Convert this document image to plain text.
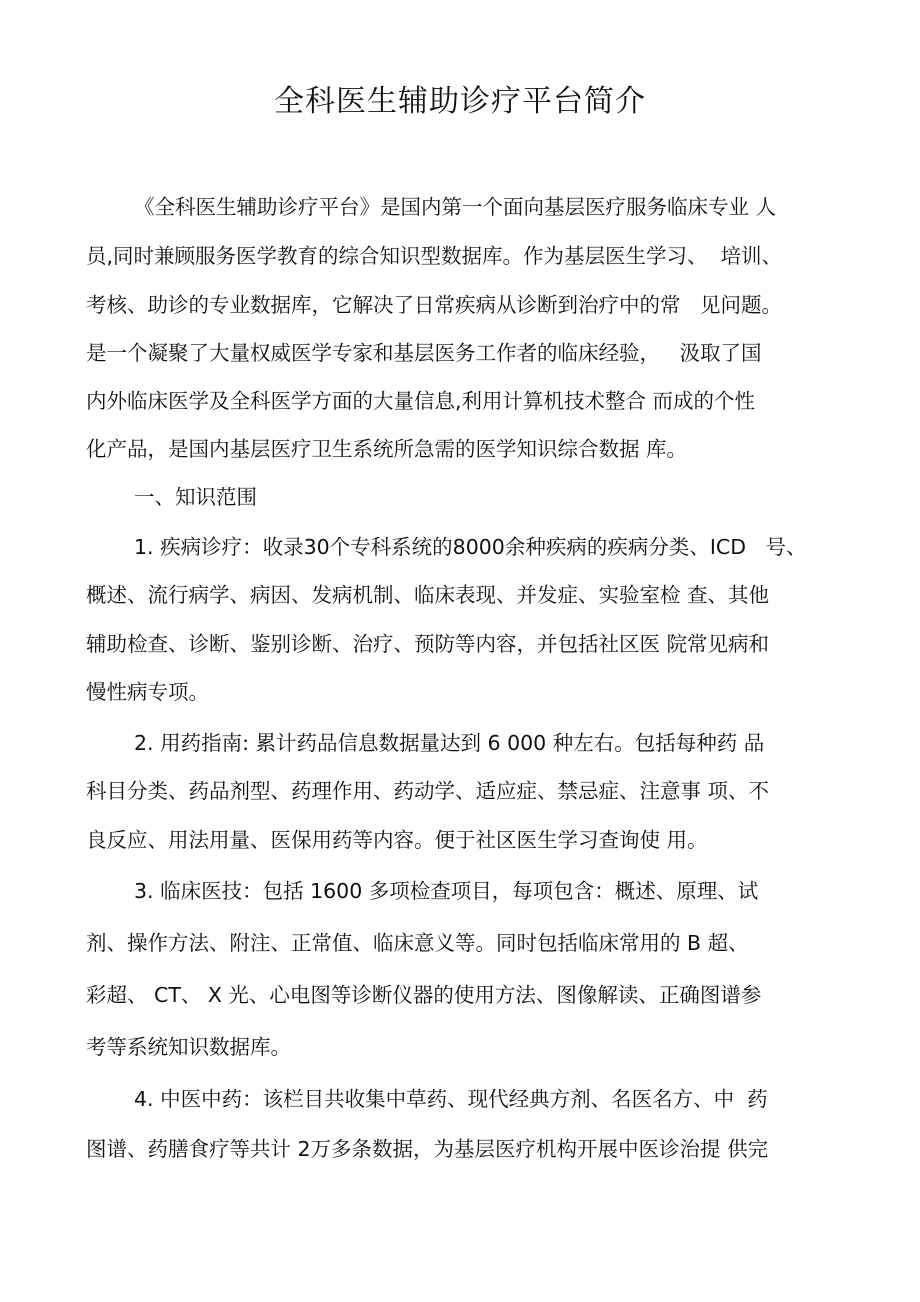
全科医生辅助诊疗平台简介
《全科医生辅助诊疗平台》是国内第一个面向基层医疗服务临床专业 人
员,同时兼顾服务医学教育的综合知识型数据库。作为基层医生学习、  培训、
考核、助诊的专业数据库，它解决了日常疾病从诊断到治疗中的常   见问题。
是一个凝聚了大量权威医学专家和基层医务工作者的临床经验，   汲取了国
内外临床医学及全科医学方面的大量信息,利用计算机技术整合 而成的个性
化产品，是国内基层医疗卫生系统所急需的医学知识综合数据 库。
一、知识范围
1. 疾病诊疗：收录30个专科系统的8000余种疾病的疾病分类、ICD   号、
概述、流行病学、病因、发病机制、临床表现、并发症、实验室检 查、其他
辅助检查、诊断、鉴别诊断、治疗、预防等内容，并包括社区医 院常见病和
慢性病专项。
2. 用药指南: 累计药品信息数据量达到 6 000 种左右。包括每种药 品
科目分类、药品剂型、药理作用、药动学、适应症、禁忌症、注意事 项、不
良反应、用法用量、医保用药等内容。便于社区医生学习查询使 用。
3. 临床医技：包括 1600 多项检查项目，每项包含：概述、原理、试
剂、操作方法、附注、正常值、临床意义等。同时包括临床常用的 B 超、
彩超、 CT、 X 光、心电图等诊断仪器的使用方法、图像解读、正确图谱参
考等系统知识数据库。
4. 中医中药：该栏目共收集中草药、现代经典方剂、名医名方、中  药
图谱、药膳食疗等共计 2万多条数据，为基层医疗机构开展中医诊治提 供完
